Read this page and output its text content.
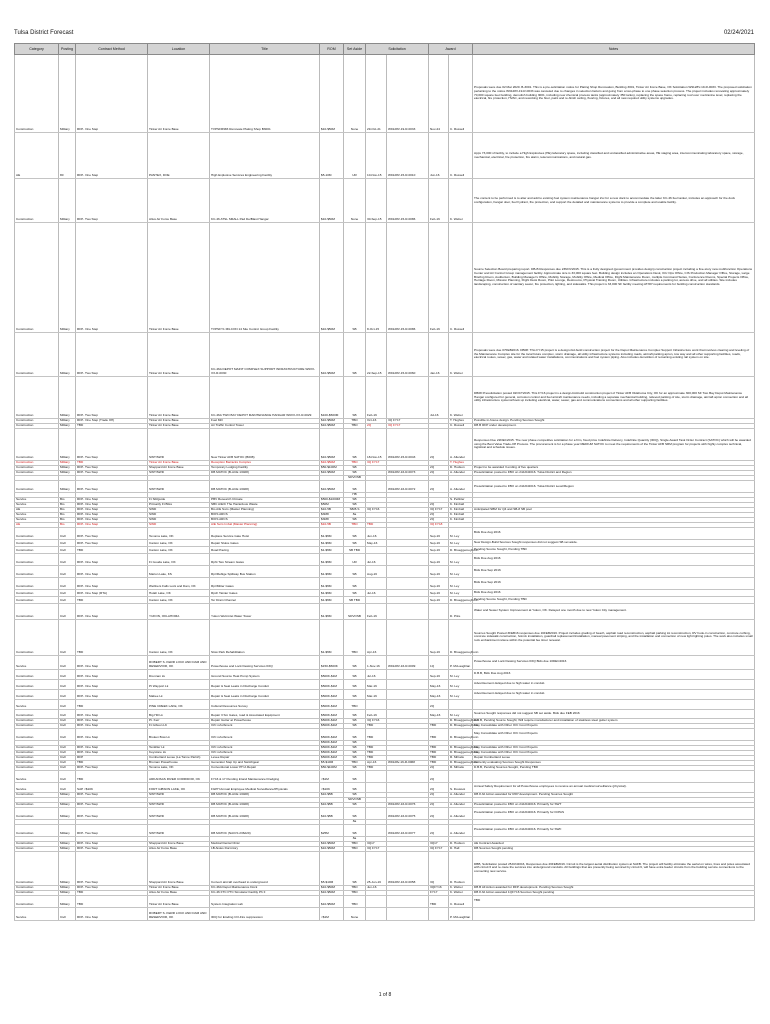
Tulsa District Forecast	02/24/2021
Category	Posting	Contract Method	Location	Title	ROM	Set Aside	Solicitation		Award		Notes
Construction	Military	RFP- One Step	Tinker Air Force Base	TVPSFR983 Renovate Plating Shop B3001	$10-$50M	None	29-Oct-21	W9128V-19-R-0033	Nov-24	C. Russell	Proposals were due 02 Mar 2020. B-3001. This is a pre-solicitation notice for Plating Shop Renovation, Building 3001, Tinker Air Force Base, OK Solicitation W9128V-19-R-0033. The proposed solicitation pertaining to the notice W9128V-19-R-0033 was canceled due to changes in selection factors and going from a two-phase to one phase selection process. The project includes renovating approximately 70,000 square feet building, demolish building 3001, including new chemical process tanks (approximately 350 tanks), replacing the space frame, replacing roof over mezzanine level, replacing the electrical, fire protection, HVAC, and reworking the floor, paint and re-finish ceiling, flooring, fixtures, and all new required utility systems upgrades.
AE	80	RFP- One Step	PANTEX, DOE	High Explosive Services Engineering Facility	$5-10M	UR	10-Nov-15	W9128V-15-R-0010	Jun-16	C. Russell	Appx 73,000 sf facility, to include a High Explosives (HE) laboratory space, including classified and unclassified administrative areas, HE staging area, intercommunicating laboratory space, storage, mechanical, electrical, fire protection, fire alarm, telecommunications, and natural gas.
Construction	Military	RFP- Two Step	Altus Air Force Base	KC-46 ATSL SMALL Pad De/Blast Hangar	$10-$50M	None	30-Sep-15	W9128V-15-R-0086	Feb-16	K. Weber	The content to be performed is to alter and add to existing fuel system maintenance hangar 2xx for a new dock to accommodate the latter KC-46 fuel tanker, includes an approach for the dock configuration, hangar door, fuel hydrant, fire protection, and support the detailed and maintenance systems to provide a complete and usable facility.
Construction	Military	RFP- One Step	Tinker Air Force Base	TVPSFY1 MILCON 14 Site Control Group Facility	$10-$50M	SB	8-Oct-15	W9128V-15-R-0086	Feb-16	C. Russell	Source Selection Board preparing report. DB-B Responses due 23NOV2015. This is a Fully designed (government provides design) construction project including a five-story new multifunction Operations Center and Air Control Group management facility. Approximate size is 33,000 square feet. Building design includes an Operations Desk, ICU Ops Office, CIS Production Manager Office, Storage, Large Briefing Room, Auditorium, Building Manager's Office, Mobility Storage, Mobility Office, Medical Office, Flight Maintenance Room, multiple Command Suites, Conference Rooms, Special Projects Office, Heritage Room, Mission Planning, Flight Desk Room, Pilot Lounge, Restrooms, Physical Training Room, Utilities. Infrastructure includes a parking lot, access drive, and all utilities. Site includes landscaping, construction of sanitary sewer, fire protection, lighting, and sidewalks. This project is 33,000 SF facility meeting AT/FP requirements for building construction standards.
Construction	Military	RFP- Two Step	Tinker Air Force Base	KC-46A DEPOT MAINT COMPLEX SUPPORT INFRASTRUCTURE W9XX-XX-R-0030	$10-$50M	SB	22-Sep-15	W9128V-15-R-0060	Jan-16	K. Weber	Proposals were due 07FEB2016. DB08: This FY15 project is a design-bid-build construction project for the Depot Maintenance Complex Support Infrastructure work that involves clearing and leveling of the Maintenance Complex site for the local future complex, storm drainage, all utility infrastructure systems including roads, aircraft parking apron, tow way and all other supporting facilities, roads, electrical routes, sewer, gas, water and related water installations, communications and fuel system piping. Also includes demolition of remaining existing rail system on site.
Construction	Military	RFP- Two Step	Tinker Air Force Base	KC-46A TWO BAY DEPOT MAINTENANCE HANGAR W9XX-XX-R-0029	$100-$500M	SB	Feb-16		Jul-16	K. Weber	DB08 Presolicitation posted 02OCT2015. This FY16 project is a design-bid-build construction project of Tinker AFB Oklahoma City, OK for an approximate 300,000 SF Two Bay Depot Maintenance Hangar configured for general, corrosion control and fuel aircraft maintenance needs, including a separate mechanical building, relieved parking of site, storm drainage, aircraft apron connection and all utility infrastructure systems/hook up including electrical, water, sewer, gas and communications connections and all other supporting facilities.
Construction	Military	RFP- One Step (Trade Off)	Tinker Air Force Base	Fuel Mill	$10-$50M	TBD	Oct-16	3Q FY17		T. Hughes	Possible in-house design. Pending Sources Sought
Construction	Military	TBD	Tinker Air Force Base	Air Traffic Control Tower	$10-$50M	TBD	2Q	3Q FY17		C. Russell	DB B RFP under development.
Construction	Military	RFP- Two Step	SWT/SWD	New Tinker AFB SATOC (B008)	$10-$50M	SB	18-Nov-15	W9128V-15-R-0043	2Q	A. Allender	Responses Due 22DEC2015. The new phase competitive solicitation for a firm, fixed price Indefinite Delivery, Indefinite Quantity (IDIQ), Single Award Task Order Contract (SATOC) which will be awarded using the Best Value Trade-Off Process. The procurement is for a phase year MEDIUM SATOC to meet the requirements of the Tinker AFB SRM program for projects with highly complex technical, logistical and schedule issues.
Construction	Military	TBD	Tinker Air Force Base	Reception Barracks Complex	$10-$50M	TBD	3Q FY17			T. Hughes	
Construction	Military	RFP- Two Step	Sheppard Air Force Base	Temporary Lodging Facility	$50-$100M	SB			2Q	D. Hudson	Project to be awarded 3 ending of five quarters
Construction	Military	RFP- Two Step	SWT/SWD	DB MATOC (B-ACE 13028)	$10-$50M	SB		W9128V-16-R-0073	2Q	A. Allender	Presolicitation posted to FBO on 24JAN2016. Tulsa District and Region
						SDVOSB					
Construction	Military	RFP- Two Step	SWT/SWD	DB MATOC (B-ACE 13028)	$10-$50M	SB		W9128V-16-R-0072	2Q	A. Allender	Presolicitation posted to FBO on 24JAN2016. Tulsa District Level/Region
						HB					
Service	Bio	RFP- One Step	Ft Sill/guide	PBV Research Climate	$500-$1000M	SB				S. Pebbler	
Service	Bio	RFP- One Step	Primarily Ft Bliss	SBC A/E/C The Hazardous Waste	$50M	SB			2Q	K. Kimball	
AE	Bio	RFP- One Step	SWD	Bio A/E Svcs (Master Planning)	$10-5B	SB/8-S	3Q FY16		3Q FY17	K. Kimball	Anticipated SBM for Q4 and SB-8 SB pool
Service	Bio	RFP- One Step	SWD	BIOS ARCS	$3M8	8a			2Q	K. Kimball	
Service	Bio	RFP- One Step	SWD	BIOS ARCS	$3M8	SB			2Q	K. Kimball	
AE	Bio	RFP- One Step	SWD	A/E Svcs Imbal (Master Planning)	$10-5B	TBD	TBD		3Q FY18		
Construction	Civil	RFP- Two Step	Texoma Lake, OK	Replace Service Gate Hoist	$1-$5M	SB	Jun-16		Sep-16	M. Ley	Bids Due Aug 2016
Construction	Civil	RFP- Two Step	Canton Lake, OK	Repair Sluice Gates	$1-$5M	SB	May-16		Sep-16	M. Ley	New Design-Build Sources Sought responses did not suggest SB set aside.
Construction	Civil	TBD	Canton Lake, OK	Road Paving	$1-$5M	SB TBD			Sep-16	D. Brueggemeyhunn	Pending Source Sought, Pending TBD
Construction	Civil	RFP- One Step	Ft Gouda Lake, OK	Rpht Two Stream Gates	$1-$5M	UR	Jul-16		Sep-16	M. Ley	Bids Due Aug 2016
Construction	Civil	RFP- One Step	Marion Lake, KS	Rpr/Reblge Spillway Bus Station	$1-$5M	SB	Aug-16		Sep-16	M. Ley	Bids Due Sep 2016
Construction	Civil	RFP- One Step	Webbers Falls Lock and Dam, OK	Rpr/Mitter Gates	$1-$5M	SB			Sep-16	M. Ley	Bids Due Sep 2016
Construction	Civil	RFP- One Step (RTA)	Hulah Lake, OK	Rpch Tainter Gates	$1-$5M	SB	Jul-16		Sep-16	M. Ley	Bids Due Aug 2016
Construction	Civil	TBD	Canton Lake, OK	Ter Drain Channel	$1-$5M	SB TBD			Sep-16	D. Brueggemeyhunn	Pending Source Sought, Pending TBD
Construction	Civil	RFP- One Step	YUKON, OKLAHOMA	Yukon Well-Inlet Water Tower	$1-$5M	SDVOSB	Feb-16			D. Pitre	Water and Sewer System Improvement at Yukon, OK. Delayed one month due to new Yukon City management.
Construction	Civil	TBD	Canton Lake, OK	Slow Park Rehabilitation	$1-$5M	TBD	Apr-16		Sep-16	D. Brueggemeyhunn	Sources Sought Posted 3FEB16 responses due 16FEB2016. Project includes grading of beach, asphalt road reconstruction, asphalt parking lot reconstruction, RV hook-in construction, concrete curbing, concrete sidewalk construction, hotmix installation, guardrail replacement/installation, manual pavement striping, and the installation and connection of new light lighting poles. The work also includes small rock embankment relieve within the potential fee timer renewal.
Service	Civil	RFP- One Step	ROBERT S. KERR LOCK AND DAM AND RESERVOIR, OK	Powerhouse and Lock Dewing Services IDIQ	$150-$500K	SB	1-Nov-16	W9128V-16-R-0009	1Q	P. McLaughlan	Powerhouse and Lock Dewing Services IDIQ Bids due 10DEC2016
Construction	Civil	RFP- One Step	Drennan Lk	Ground Source Heat Pump System	$500K-$1M	SB	Jul-16		Sep-16	M. Ley	D.B.B, Bids Due Aug 2016
Construction	Civil	RFP- One Step	Pt Wayport Lk	Repair & Seal Leaks in Discharge Conduit	$500K-$1M	SB	Mar-16		May-16	M. Ley	Advertisement delayed due to high water in conduit.
Construction	Civil	RFP- One Step	Mabee Lk	Repair & Seal Leaks in Discharge Conduit	$500K-$1M	SB	Mar-16		May-16	M. Ley	Advertisement delayed due to high water in conduit.
Service	Civil	TBD	PINE CREEK LAKE, OK	Cultural Resources Survey	$500K-$1M	TBD			2Q		
Construction	Civil	RFP- One Step	Big Hill Lk	Repair 3 Sm Gates, road & Associated Equipment	$500K-$1M	SB	Feb-16		May-16	M. Ley	Sources Sought responses did not suggest SB set aside. Bids due FEB 2016
Construction	Civil	RFP- One Step	Pt. Kerr	Repair Gutter at Powerhouse	$500K-$1M	SB	3Q FY16			D. Brueggemeyhunn	D.B.B, Pending Source Sought; Will require manufacturer and installation of stainless steel gutter system
Construction	Civil	RFP- One Step	Ft Gibson LK	O/C refurbment	$500K-$1M	SB	TBD		TBD	D. Brueggemeyhunn	May Consolidate with Other O/C Cost Projects
Construction	Civil	RFP- One Step	Broken Bow Lk	O/C refurbment	$500K-$1M	SB	TBD		TBD	D. Brueggemeyhunn	May Consolidate with Other O/C Cost Projects
					$500K-$1M	SB					
Construction	Civil	RFP- One Step	Tenkiller Lk	O/C refurbment	$500K-$1M	SB	TBD		TBD	D. Brueggemeyhunn	May Consolidate with Other O/C Cost Projects
Construction	Civil	RFP- One Step	Keystone Lk	O/C refurbment	$500K-$1M	SB	TBD		TBD	D. Brueggemeyhunn	May Consolidate with Other O/C Cost Projects
Construction	Civil	RFP	Cumberland Levee (La Tonne Parish)	Levee Repair	$500K-$1M	SB	TBD		TBD	R. Milrude	Repair Cumberland Levee
Construction	Civil	TBD	Broman Powerhouse	Generator Step Up and Switchgear	$5-$10M	TBD	Apr-16	W9128v-16-R-0068	TBD	D. Brueggemeyhunn	Currently evaluating Sources Sought Responses
Construction	Civil	RFP- Two Step	Texoma Lake, OK	Conventional Lower PH A Repair	$50-$100M	SB	TBD		2Q	R. Milrude	D.B.B, Pending Sources Sought, Pending TBD
Service	Civil	TBD	ARKANSAS RIVER CORRIDOR, OK	FY16 & 17 Pending Inland Maintenance Dredging	<$1M	SB			2Q		
Service	Civil	SAP <$10K	FORT GIBSON LAKE, OK	FGPH Annual Employee Medical Surveillance/Physicals	<$10K	SB			2Q	S. Doussot	Annual Safety Requirement for all Powerhouse employees to receive an annual medical surveillance (physical).
Construction	Military	RFP- Two Step	SWT/SWD	DB MATOC (B-ACE 13028)	$10-$5B	SB			2Q	A. Allender	DB 8 All Action awarded for RFP development. Pending Sources Sought
						SDVOSB					
Construction	Military	RFP- Two Step	SWT/SWD	DB MATOC (B-ACE 13028)	$10-$5B	SB		W9128V-16-R-0076	2Q	A. Allender	Presolicitation posted to FBO on 24JAN2016. Primarily for SWT
Construction	Military	RFP- Two Step	SWT/SWD	DB MATOC (B-ACE 13028)	$10-$5B	SB		W9128V-16-R-0075	2Q	A. Allender	Presolicitation posted to FBO on 24JAN2016. Primarily for Ft/PAS
						8a					
Construction	Military	RFP- Two Step	SWT/SWD	DB MATOC (NAICS 236220)	$25M	SB		W9128V-16-R-0077	2Q	A. Allender	Presolicitation posted to FBO on 24JAN2016. Primarily for SWF
						8a					
Construction	Military	RFP- One Step	Sheppard Air Force Base	Medical Dental Clinic	$10-$50M	TBD	3Q17		3Q17	D. Hudson	AE Contract Awarded
Construction	Military	RFP- Two Step	Altus Air Force Base	1B Aisles Dormitory	$10-$50M	TBD	3Q FY17		3Q FY17	D. Hall	DB Sources Sought pending
Construction	Military	RFP- Two Step	Sheppard Air Force Base	Convert aircraft overhead to underground	$5-$10M	SB	25-Jun-16	W9128V-16-R-0058	3Q	D. Hudson	DBB, Solicitation posted 25JUN2016, Responses due 26FEB2016. Circuit is the largest aerial distribution system at SAFB. The project will facility eliminate the aerial on wires, lines and poles associated with circuit 6 and re-route the services into underground conduits. All buildings that are presently being serviced by circuit 6, will have extra feeder circuits from the building service connections to the connecting new service.
Construction	Military	RFP- Two Step	Tinker Air Force Base	KC-46A Depot Maintenance Dock	$10-$50M	TBD	Jun-16		3QFY16	K. Weber	DB B All Action awarded for RFP development. Pending Sources Sought
Construction	Military	TBD	Altus Air Force Base	KC-46 FTC PTC Simulator Facility Ph II	$10-$50M	TBD			FY17	K. Weber	DB 8 All Action awarded 1QFY16 Sources Sought pending
Construction	Military	TBD	Tinker Air Force Base	System Integration Lab	$10-$50M	TBD			TBD	C. Russell	TBD
Service	Civil	RFP- One Step	ROBERT S. KERR LOCK AND DAM AND RESERVOIR, OK	IDIQ for Eroding CO-Fire suppression	<$1M	None				P. McLaughlan	
1 of 8
